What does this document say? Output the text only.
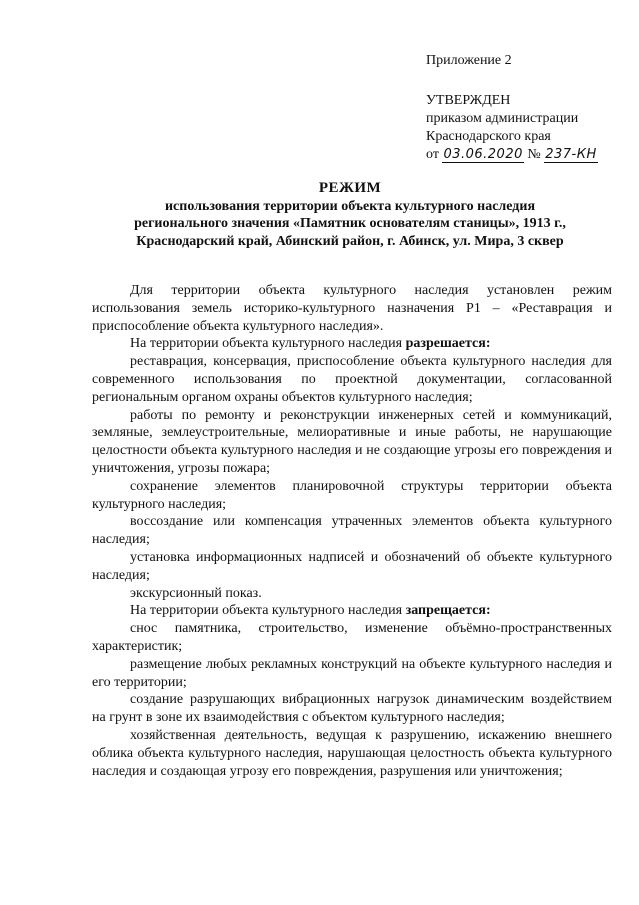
Приложение 2
УТВЕРЖДЕН
приказом администрации
Краснодарского края
от 03.06.2020 № 237-КН
РЕЖИМ
использования территории объекта культурного наследия
регионального значения «Памятник основателям станицы», 1913 г.,
Краснодарский край, Абинский район, г. Абинск, ул. Мира, 3 сквер

Для территории объекта культурного наследия установлен режим использования земель историко-культурного назначения Р1 – «Реставрация и приспособление объекта культурного наследия».

На территории объекта культурного наследия разрешается:

реставрация, консервация, приспособление объекта культурного наследия для современного использования по проектной документации, согласованной региональным органом охраны объектов культурного наследия;

работы по ремонту и реконструкции инженерных сетей и коммуникаций, земляные, землеустроительные, мелиоративные и иные работы, не нарушающие целостности объекта культурного наследия и не создающие угрозы его повреждения и уничтожения, угрозы пожара;

сохранение элементов планировочной структуры территории объекта культурного наследия;

воссоздание или компенсация утраченных элементов объекта культурного наследия;

установка информационных надписей и обозначений об объекте культурного наследия;

экскурсионный показ.

На территории объекта культурного наследия запрещается:

снос памятника, строительство, изменение объёмно-пространственных характеристик;

размещение любых рекламных конструкций на объекте культурного наследия и его территории;

создание разрушающих вибрационных нагрузок динамическим воздействием на грунт в зоне их взаимодействия с объектом культурного наследия;

хозяйственная деятельность, ведущая к разрушению, искажению внешнего облика объекта культурного наследия, нарушающая целостность объекта культурного наследия и создающая угрозу его повреждения, разрушения или уничтожения;
